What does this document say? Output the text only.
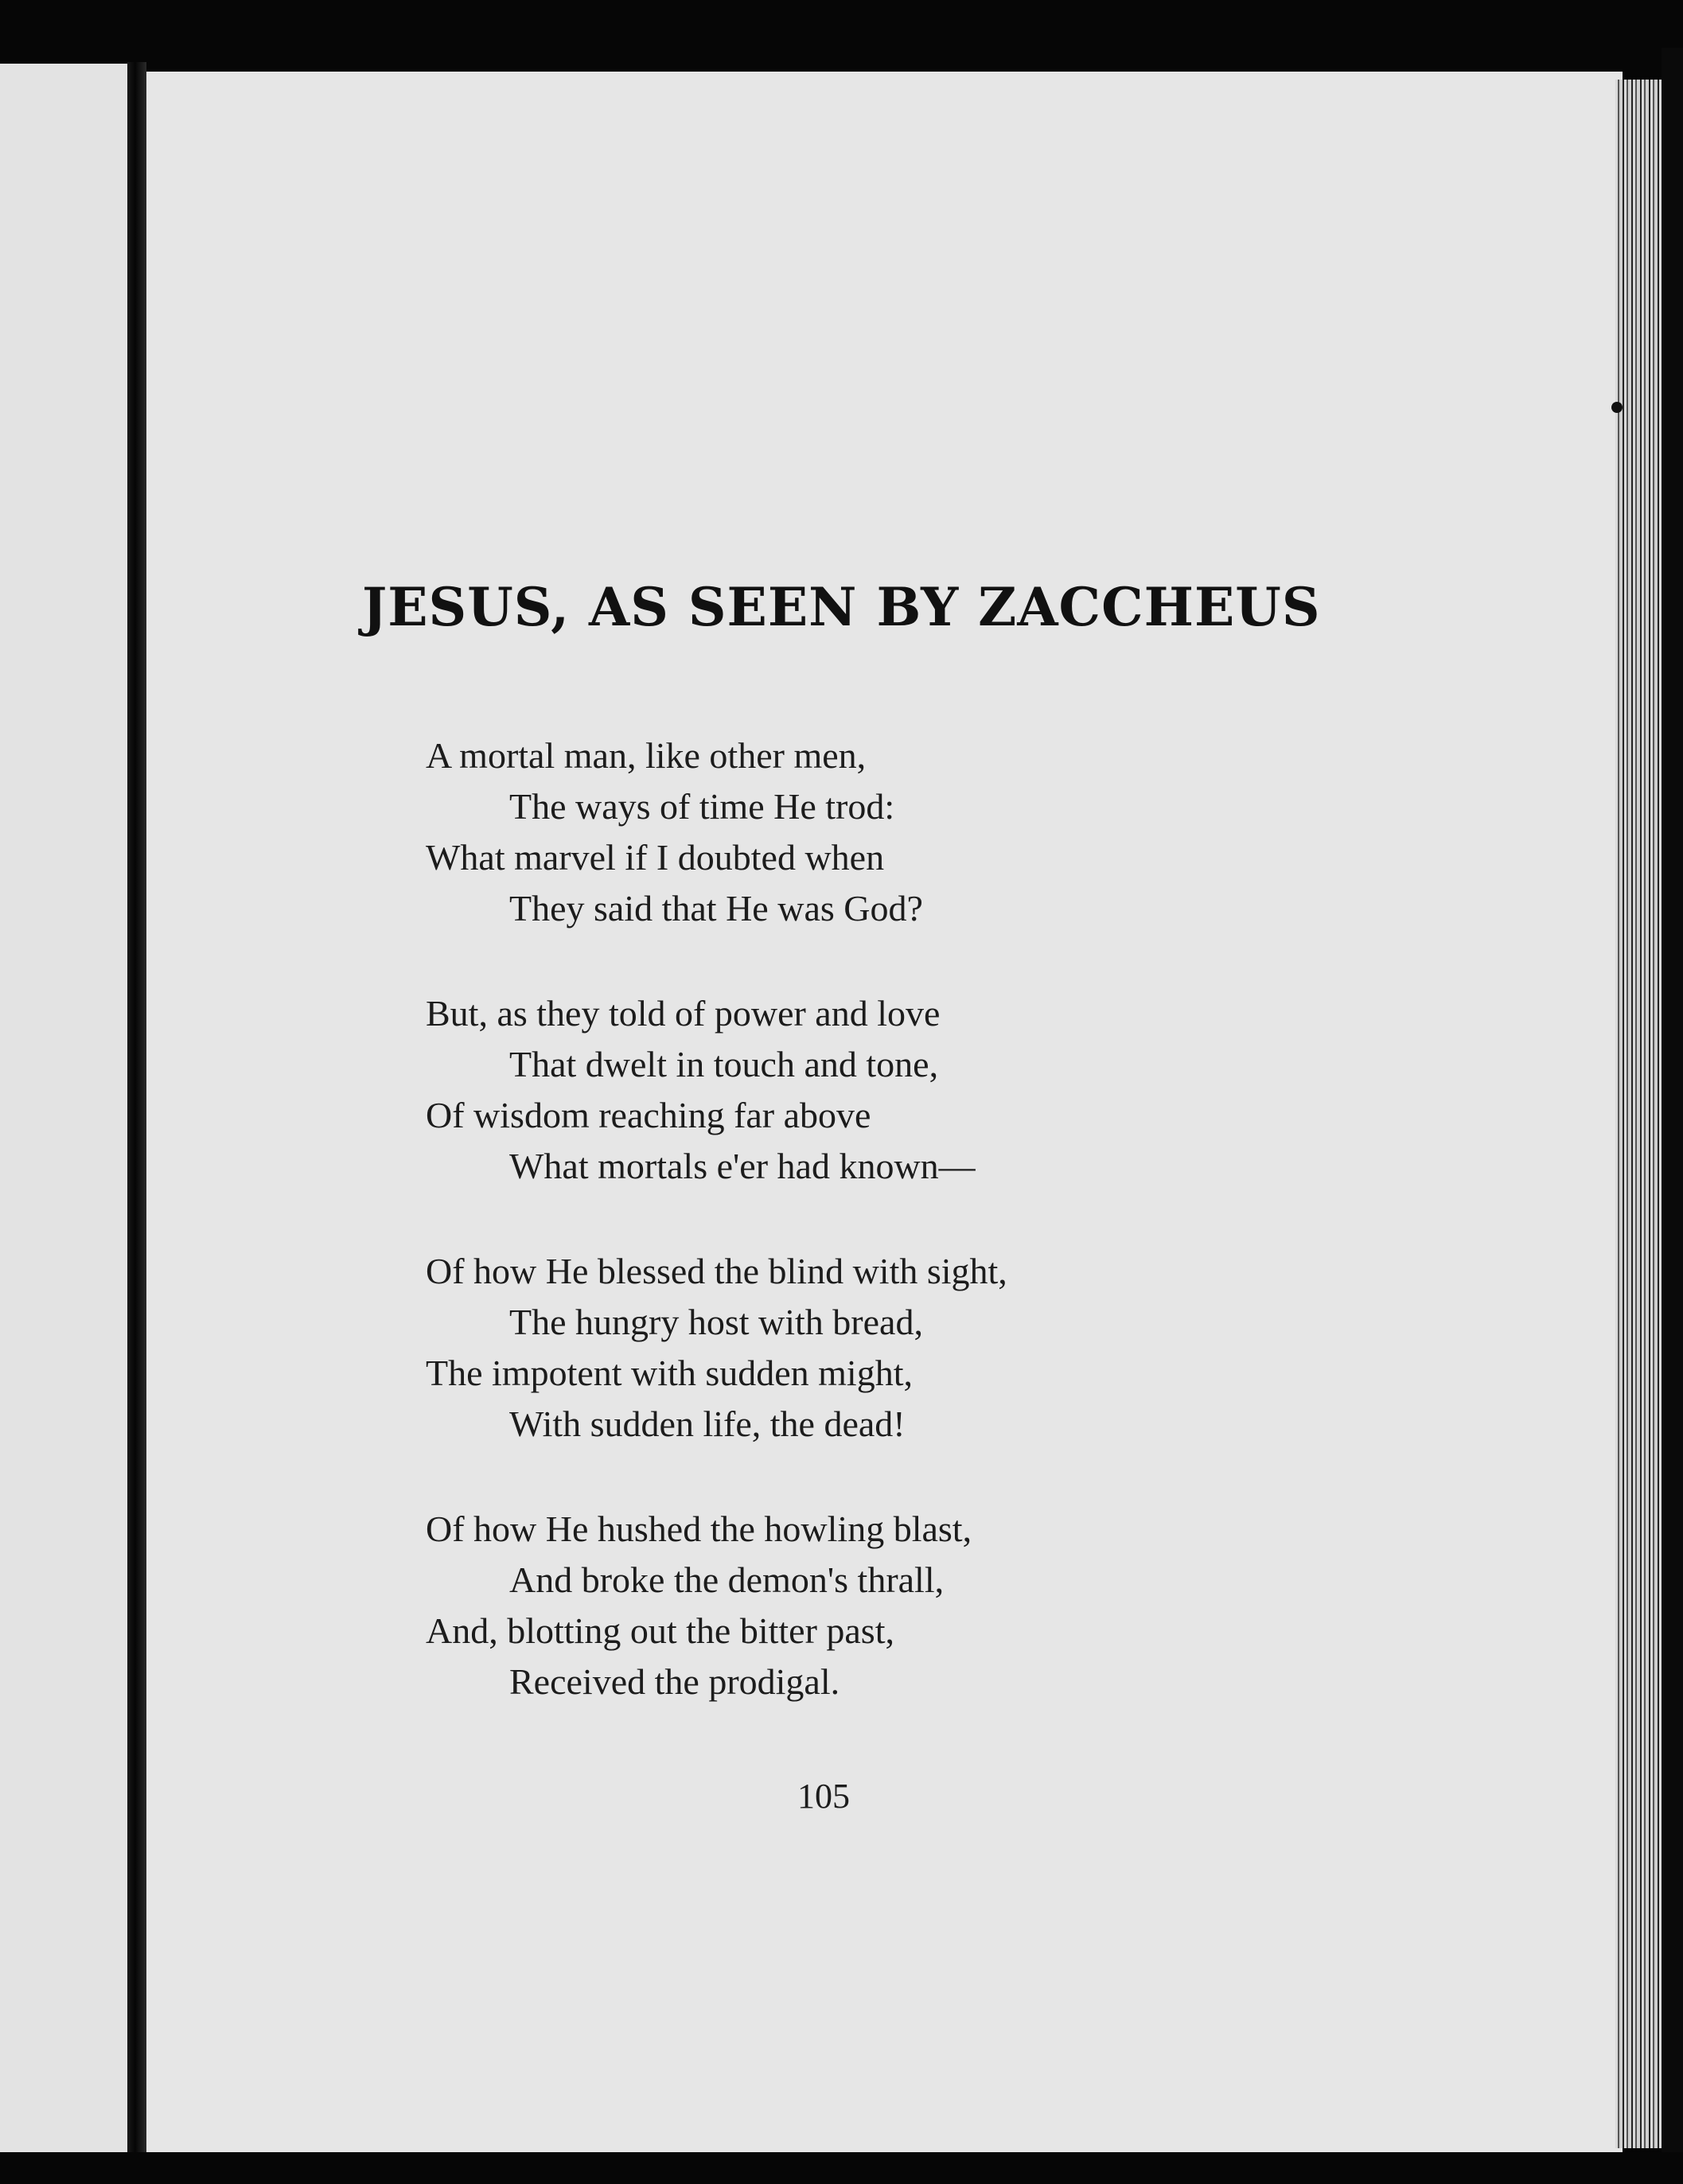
JESUS, AS SEEN BY ZACCHEUS
A mortal man, like other men,
The ways of time He trod:
What marvel if I doubted when
They said that He was God?
But, as they told of power and love
That dwelt in touch and tone,
Of wisdom reaching far above
What mortals e'er had known—
Of how He blessed the blind with sight,
The hungry host with bread,
The impotent with sudden might,
With sudden life, the dead!
Of how He hushed the howling blast,
And broke the demon's thrall,
And, blotting out the bitter past,
Received the prodigal.
105
